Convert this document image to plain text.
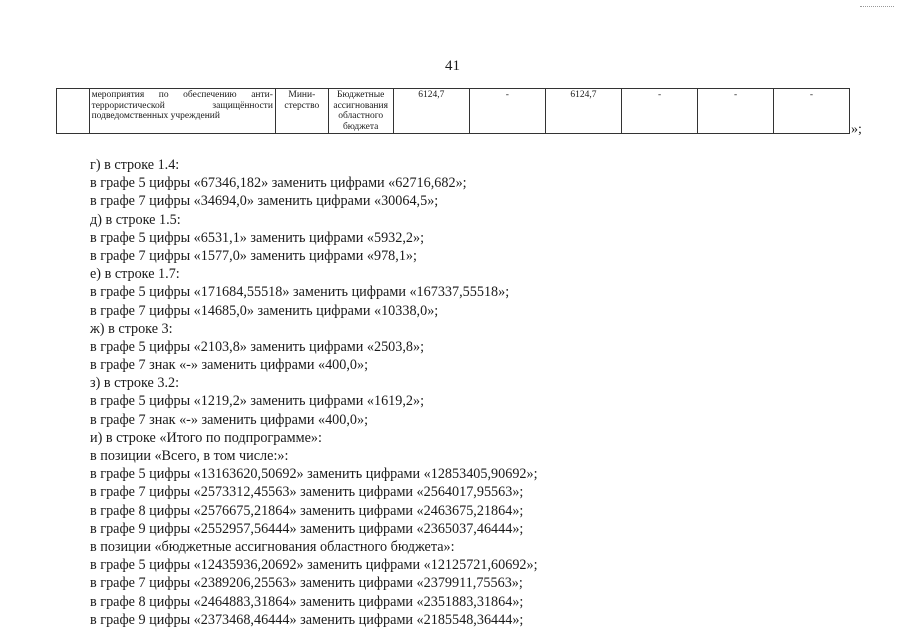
41
	мероприятия по обеспечению анти-террористической защищённости подведомственных учреждений	Мини-стерство	Бюджетные ассигнования областного бюджета	6124,7	-	6124,7	-	-	-
»;
г) в строке 1.4:
в графе 5 цифры «67346,182» заменить цифрами «62716,682»;
в графе 7 цифры «34694,0» заменить цифрами «30064,5»;
д) в строке 1.5:
в графе 5 цифры «6531,1» заменить цифрами «5932,2»;
в графе 7 цифры «1577,0» заменить цифрами «978,1»;
е) в строке 1.7:
в графе 5 цифры «171684,55518» заменить цифрами «167337,55518»;
в графе 7 цифры «14685,0» заменить цифрами «10338,0»;
ж) в строке 3:
в графе 5 цифры «2103,8» заменить цифрами «2503,8»;
в графе 7 знак «-» заменить цифрами «400,0»;
з) в строке 3.2:
в графе 5 цифры «1219,2» заменить цифрами «1619,2»;
в графе 7 знак «-» заменить цифрами «400,0»;
и) в строке «Итого по подпрограмме»:
в позиции «Всего, в том числе:»:
в графе 5 цифры «13163620,50692» заменить цифрами «12853405,90692»;
в графе 7 цифры «2573312,45563» заменить цифрами «2564017,95563»;
в графе 8 цифры «2576675,21864» заменить цифрами «2463675,21864»;
в графе 9 цифры «2552957,56444» заменить цифрами «2365037,46444»;
в позиции «бюджетные ассигнования областного бюджета»:
в графе 5 цифры «12435936,20692» заменить цифрами «12125721,60692»;
в графе 7 цифры «2389206,25563» заменить цифрами «2379911,75563»;
в графе 8 цифры «2464883,31864» заменить цифрами «2351883,31864»;
в графе 9 цифры «2373468,46444» заменить цифрами «2185548,36444»;
